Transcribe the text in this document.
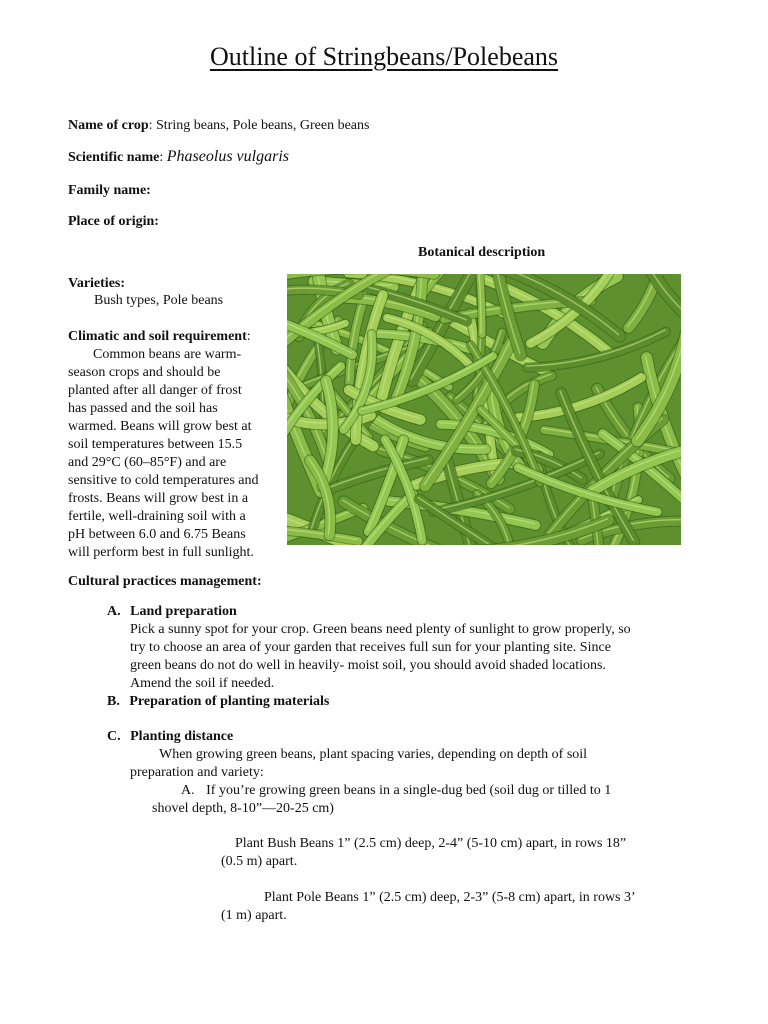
Outline of Stringbeans/Polebeans
Name of crop: String beans, Pole beans, Green beans
Scientific name: Phaseolus vulgaris
Family name:
Place of origin:
Botanical description
Varieties:
Bush types, Pole beans
Climatic and soil requirement:
Common beans are warm-
season crops and should be
planted after all danger of frost
has passed and the soil has
warmed. Beans will grow best at
soil temperatures between 15.5
and 29°C (60–85°F) and are
sensitive to cold temperatures and
frosts. Beans will grow best in a
fertile, well-draining soil with a
pH between 6.0 and 6.75 Beans
will perform best in full sunlight.
Cultural practices management:
A. Land preparation
Pick a sunny spot for your crop. Green beans need plenty of sunlight to grow properly, so
try to choose an area of your garden that receives full sun for your planting site. Since
green beans do not do well in heavily- moist soil, you should avoid shaded locations.
Amend the soil if needed.
B. Preparation of planting materials
C. Planting distance
When growing green beans, plant spacing varies, depending on depth of soil
preparation and variety:
A. If you’re growing green beans in a single-dug bed (soil dug or tilled to 1
shovel depth, 8-10”—20-25 cm)
Plant Bush Beans 1” (2.5 cm) deep, 2-4” (5-10 cm) apart, in rows 18”
(0.5 m) apart.
Plant Pole Beans 1” (2.5 cm) deep, 2-3” (5-8 cm) apart, in rows 3’
(1 m) apart.
